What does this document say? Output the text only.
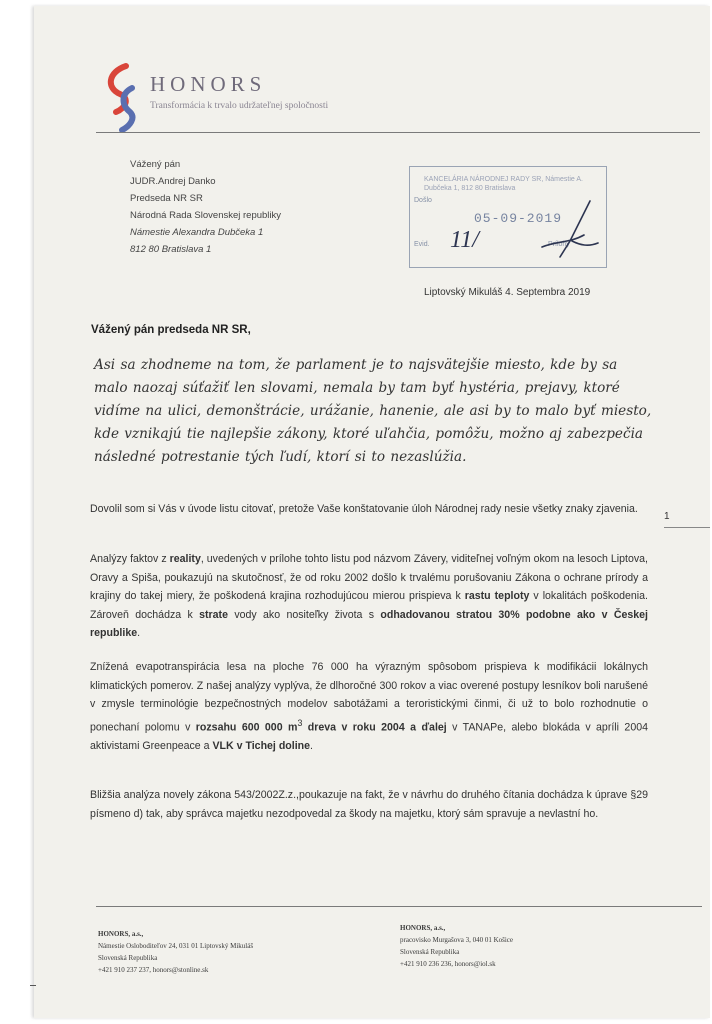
HONORS
Transformácia k trvalo udržateľnej spoločnosti
Vážený pán
JUDR.Andrej Danko
Predseda NR SR
Národná Rada Slovenskej republiky
Námestie Alexandra Dubčeka 1
812 80 Bratislava 1
KANCELÁRIA NÁRODNEJ RADY SR, Námestie A. Dubčeka 1, 812 80 Bratislava
Došlo
05-09-2019
11/
Evid.	Prílohy
Liptovský Mikuláš 4. Septembra 2019
Vážený pán predseda NR SR,
Asi sa zhodneme na tom, že parlament je to najsvätejšie miesto, kde by sa malo naozaj súťažiť len slovami, nemala by tam byť hystéria, prejavy, ktoré vidíme na ulici, demonštrácie, urážanie, hanenie, ale asi by to malo byť miesto, kde vznikajú tie najlepšie zákony, ktoré uľahčia, pomôžu, možno aj zabezpečia následné potrestanie tých ľudí, ktorí si to nezaslúžia.
Dovolil som si Vás v úvode listu citovať, pretože Vaše konštatovanie úloh Národnej rady nesie všetky znaky zjavenia.
Analýzy faktov z reality, uvedených v prílohe tohto listu pod názvom Závery, viditeľnej voľným okom na lesoch Liptova, Oravy a Spiša, poukazujú na skutočnosť, že od roku 2002 došlo k trvalému porušovaniu Zákona o ochrane prírody a krajiny do takej miery, že poškodená krajina rozhodujúcou mierou prispieva k rastu teploty v lokalitách poškodenia. Zároveň dochádza k strate vody ako nositeľky života s odhadovanou stratou 30% podobne ako v Českej republike.
Znížená evapotranspirácia lesa na ploche 76 000 ha výrazným spôsobom prispieva k modifikácii lokálnych klimatických pomerov. Z našej analýzy vyplýva, že dlhoročné 300 rokov a viac overené postupy lesníkov boli narušené v zmysle terminológie bezpečnostných modelov sabotážami a teroristickými činmi, či už to bolo rozhodnutie o ponechaní polomu v rozsahu 600 000 $m^3$ dreva v roku 2004 a ďalej v TANAPe, alebo blokáda v apríli 2004 aktivistami Greenpeace a VLK v Tichej doline.
Bližšia analýza novely zákona 543/2002Z.z.,poukazuje na fakt, že v návrhu do druhého čítania dochádza k úprave §29 písmeno d) tak, aby správca majetku nezodpovedal za škody na majetku, ktorý sám spravuje a nevlastní ho.
1
HONORS, a.s.,
Námestie Osloboditeľov 24, 031 01 Liptovský Mikuláš
Slovenská Republika
+421 910 237 237, honors@stonline.sk
HONORS, a.s.,
pracovisko Murgašova 3, 040 01 Košice
Slovenská Republika
+421 910 236 236, honors@iol.sk
